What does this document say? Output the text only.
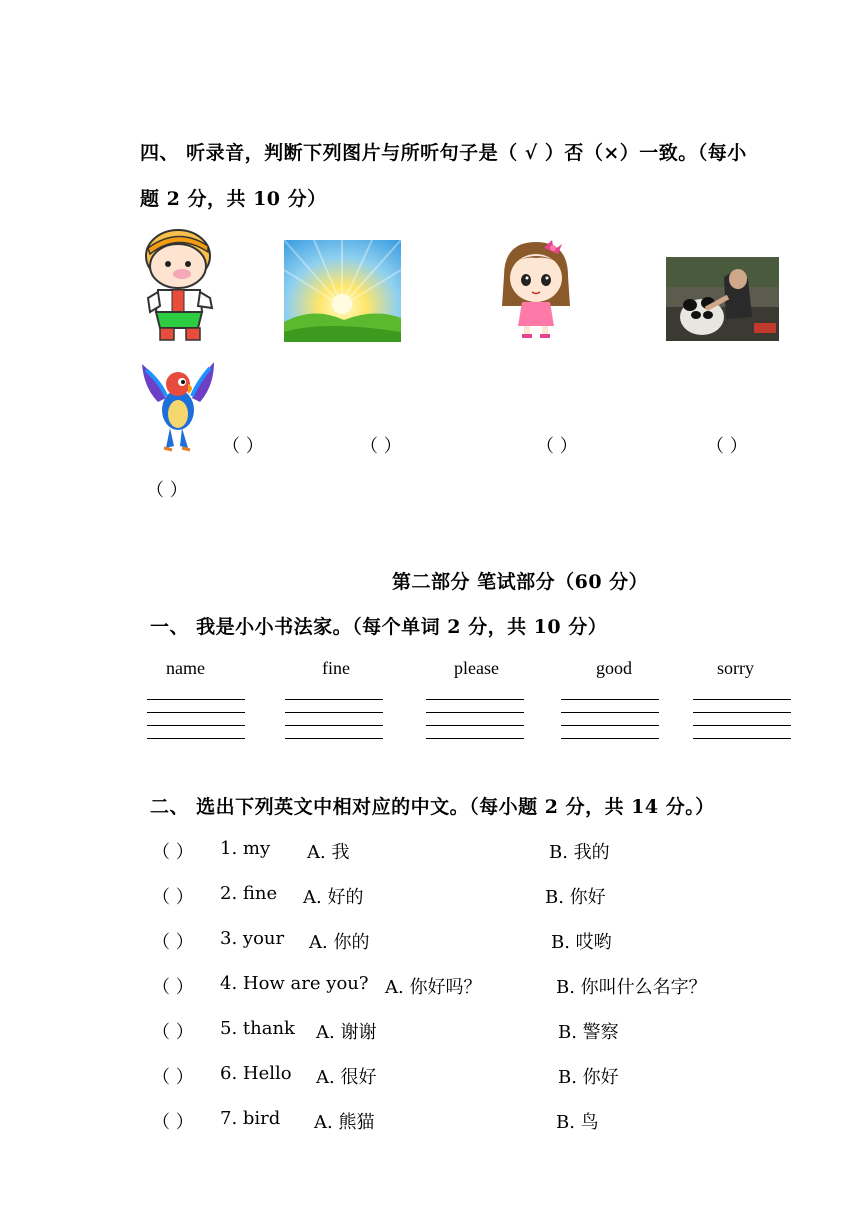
四、 听录音，判断下列图片与所听句子是（ √ ）否（×）一致。（每小
题 2 分，共 10 分）
（ ）	（ ）	（ ）	（ ）
（ ）
第二部分 笔试部分（60 分）
一、 我是小小书法家。（每个单词 2 分，共 10 分）
name	fine	please	good	sorry
二、 选出下列英文中相对应的中文。（每小题 2 分，共 14 分。）
（ ） 1. my A. 我	B. 我的
（ ） 2. fine A. 好的	B. 你好
（ ） 3. your A. 你的	B. 哎哟
（ ） 4. How are you? A. 你好吗？	B. 你叫什么名字？
（ ） 5. thank A. 谢谢	B. 警察
（ ） 6. Hello A. 很好	B. 你好
（ ） 7. bird A. 熊猫	B. 鸟
